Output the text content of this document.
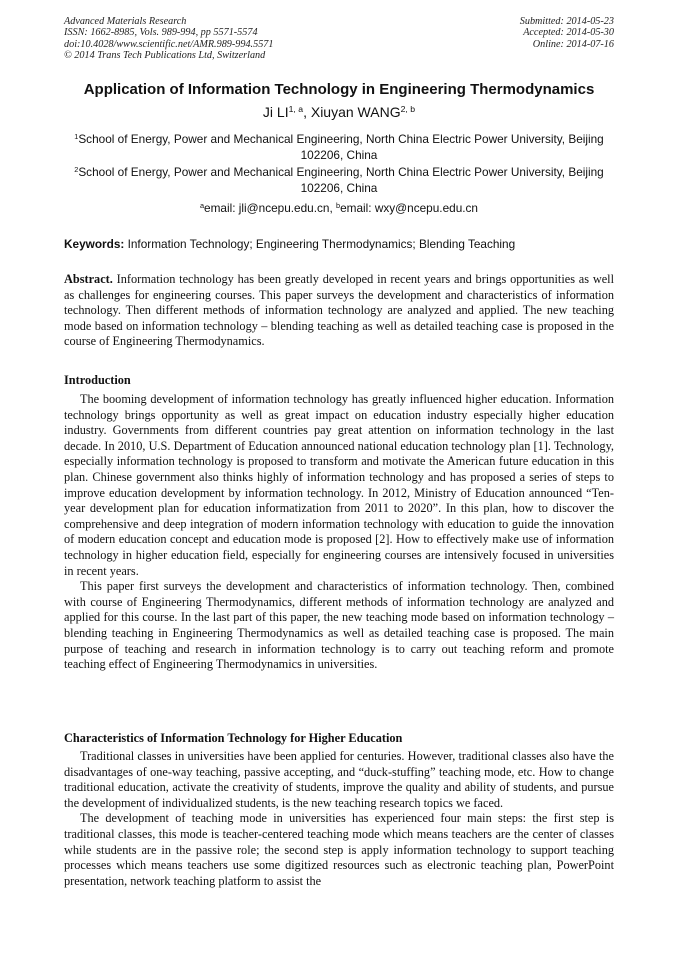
Advanced Materials Research
ISSN: 1662-8985, Vols. 989-994, pp 5571-5574
doi:10.4028/www.scientific.net/AMR.989-994.5571
© 2014 Trans Tech Publications Ltd, Switzerland
Submitted: 2014-05-23
Accepted: 2014-05-30
Online: 2014-07-16
Application of Information Technology in Engineering Thermodynamics
Ji LI$^{1, a}$, Xiuyan WANG$^{2, b}$
$^1$School of Energy, Power and Mechanical Engineering, North China Electric Power University, Beijing 102206, China
$^2$School of Energy, Power and Mechanical Engineering, North China Electric Power University, Beijing 102206, China
$^a$email: jli@ncepu.edu.cn, $^b$email: wxy@ncepu.edu.cn
Keywords: Information Technology; Engineering Thermodynamics; Blending Teaching

Abstract. Information technology has been greatly developed in recent years and brings opportunities as well as challenges for engineering courses. This paper surveys the development and characteristics of information technology. Then different methods of information technology are analyzed and applied. The new teaching mode based on information technology – blending teaching as well as detailed teaching case is proposed in the course of Engineering Thermodynamics.

Introduction

The booming development of information technology has greatly influenced higher education. Information technology brings opportunity as well as great impact on education industry especially higher education industry. Governments from different countries pay great attention on information technology in the last decade. In 2010, U.S. Department of Education announced national education technology plan [1]. Technology, especially information technology is proposed to transform and motivate the American future education in this plan. Chinese government also thinks highly of information technology and has proposed a series of steps to improve education development by information technology. In 2012, Ministry of Education announced “Ten-year development plan for education informatization from 2011 to 2020”. In this plan, how to discover the comprehensive and deep integration of modern information technology with education to guide the innovation of modern education concept and education mode is proposed [2]. How to effectively make use of information technology in higher education field, especially for engineering courses are intensively focused in universities in recent years.

This paper first surveys the development and characteristics of information technology. Then, combined with course of Engineering Thermodynamics, different methods of information technology are analyzed and applied for this course. In the last part of this paper, the new teaching mode based on information technology – blending teaching in Engineering Thermodynamics as well as detailed teaching case is proposed. The main purpose of teaching and research in information technology is to carry out teaching reform and promote teaching effect of Engineering Thermodynamics in universities.

Characteristics of Information Technology for Higher Education

Traditional classes in universities have been applied for centuries. However, traditional classes also have the disadvantages of one-way teaching, passive accepting, and “duck-stuffing” teaching mode, etc. How to change traditional education, activate the creativity of students, improve the quality and ability of students, and pursue the development of individualized students, is the new teaching research topics we faced.

The development of teaching mode in universities has experienced four main steps: the first step is traditional classes, this mode is teacher-centered teaching mode which means teachers are the center of classes while students are in the passive role; the second step is apply information technology to support teaching processes which means teachers use some digitized resources such as electronic teaching plan, PowerPoint presentation, network teaching platform to assist the
